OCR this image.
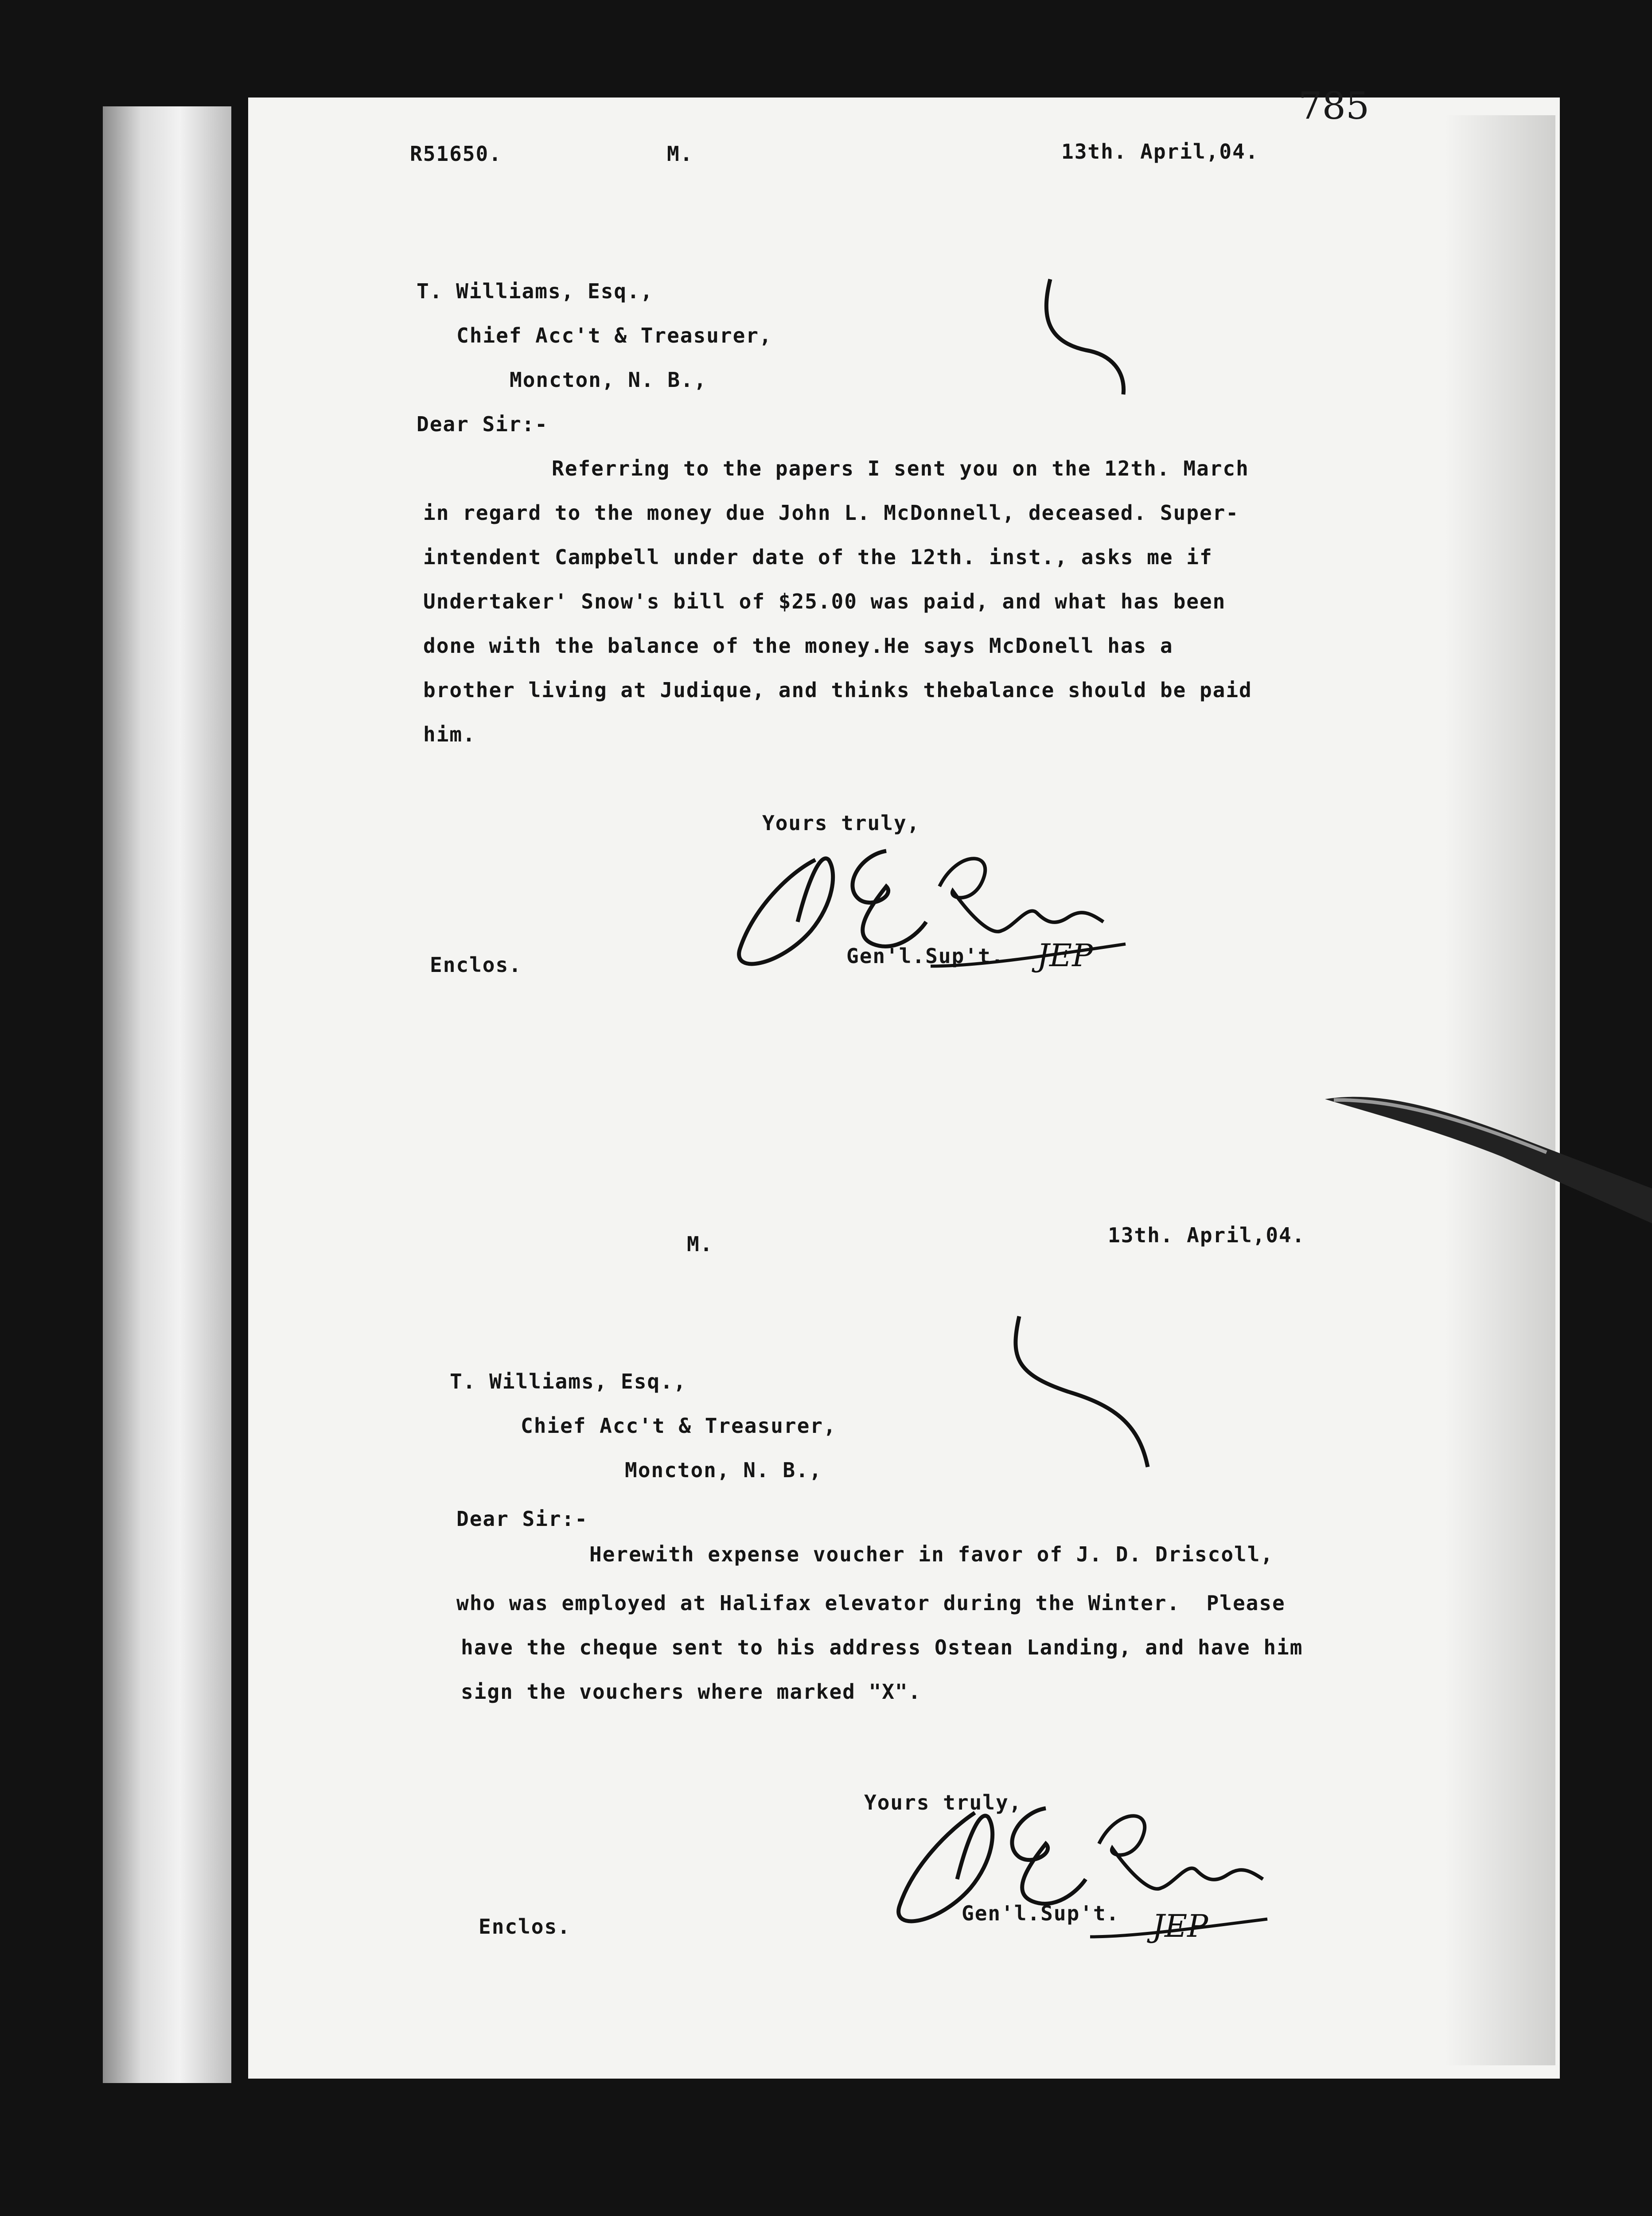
785
R51650.	M.	13th. April,04.
T. Williams, Esq.,
Chief Acc't & Treasurer,
Moncton, N. B.,
Dear Sir:-
Referring to the papers I sent you on the 12th. March
in regard to the money due John L. McDonnell, deceased. Super-
intendent Campbell under date of the 12th. inst., asks me if
Undertaker' Snow's bill of $25.00 was paid, and what has been
done with the balance of the money.He says McDonell has a
brother living at Judique, and thinks thebalance should be paid
him.
Yours truly,
Gen'l.Sup't.
Enclos.	JEP
M.	13th. April,04.
T. Williams, Esq.,
Chief Acc't & Treasurer,
Moncton, N. B.,
Dear Sir:-
Herewith expense voucher in favor of J. D. Driscoll,
who was employed at Halifax elevator during the Winter.  Please
have the cheque sent to his address Ostean Landing, and have him
sign the vouchers where marked "X".
Yours truly,
Gen'l.Sup't.
Enclos.	JEP
